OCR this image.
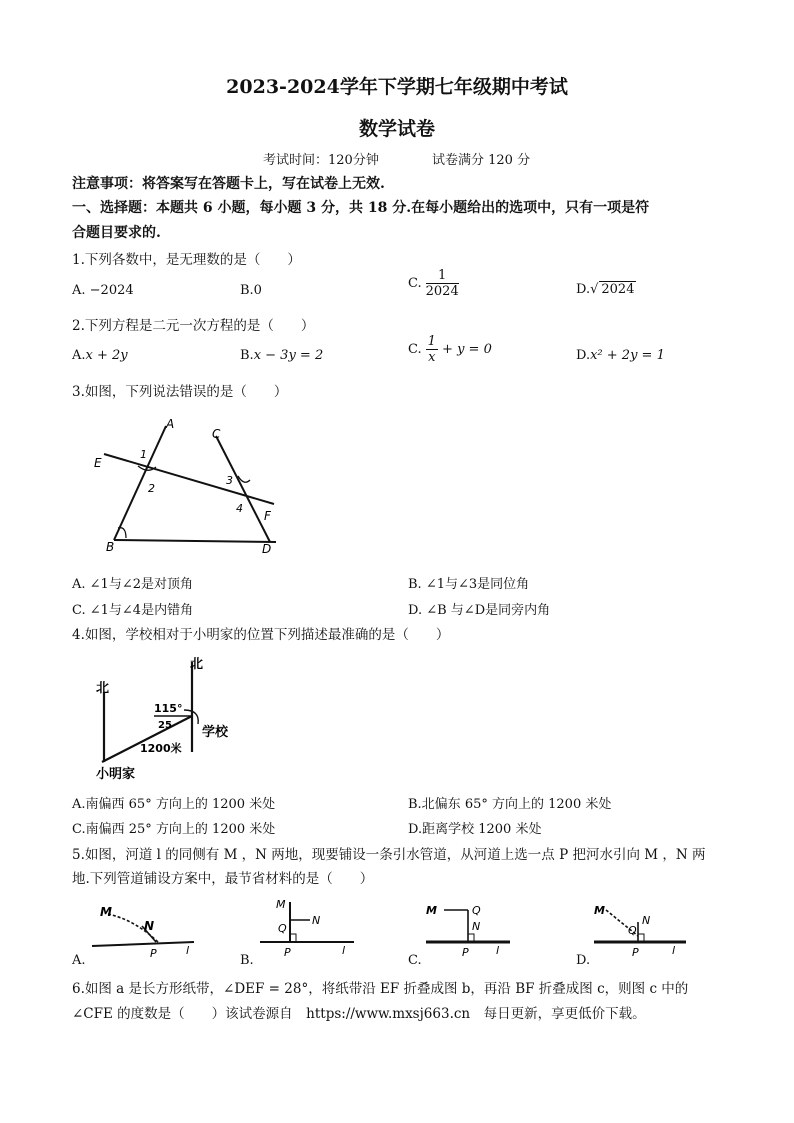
2023-2024学年下学期七年级期中考试
数学试卷
考试时间：120分钟	试卷满分 120 分
注意事项：将答案写在答题卡上，写在试卷上无效.
一、选择题：本题共 6 小题，每小题 3 分，共 18 分.在每小题给出的选项中，只有一项是符
合题目要求的.
1.下列各数中，是无理数的是（　　）
A. −2024	B.0	C. $\frac{1}{2024}$	D.√ 2024
2.下列方程是二元一次方程的是（　　）
A.x + 2y	B.x − 3y = 2	C. $\frac{1}{x} + y = 0$	D.x² + 2y = 1
3.如图，下列说法错误的是（　　）
A
B
C
D
E
F
1
2
3
4
A. ∠1与∠2是对顶角	B. ∠1与∠3是同位角
C. ∠1与∠4是内错角	D. ∠B 与∠D是同旁内角
4.如图，学校相对于小明家的位置下列描述最准确的是（　　）
北
北
115°
25
1200米
学校
小明家
A.南偏西 65° 方向上的 1200 米处	B.北偏东 65° 方向上的 1200 米处
C.南偏西 25° 方向上的 1200 米处	D.距离学校 1200 米处
5.如图，河道 l 的同侧有 M ，N 两地，现要铺设一条引水管道，从河道上选一点 P 把河水引向 M ，N 两
地.下列管道铺设方案中，最节省材料的是（　　）
A.
M
N
P	l
B.
M
N
Q
P	l
C.
M	Q
N
P l
D.
M
N
Q
P	l
6.如图 a 是长方形纸带，∠DEF = 28°，将纸带沿 EF 折叠成图 b，再沿 BF 折叠成图 c，则图 c 中的
∠CFE 的度数是（　　）该试卷源自　https://www.mxsj663.cn　每日更新，享更低价下载。
